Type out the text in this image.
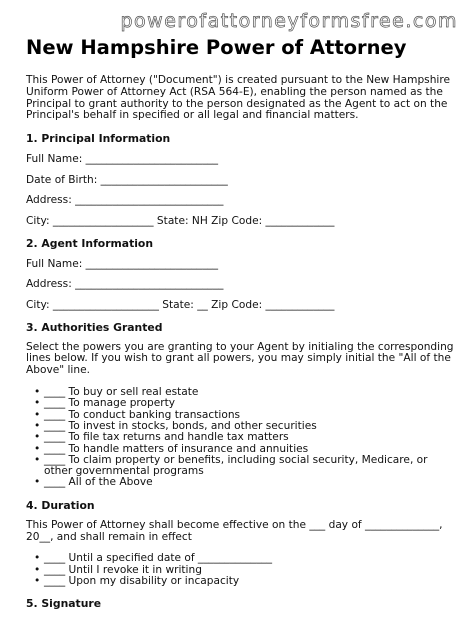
powerofattorneyformsfree.com
New Hampshire Power of Attorney

This Power of Attorney ("Document") is created pursuant to the New Hampshire Uniform Power of Attorney Act (RSA 564-E), enabling the person named as the Principal to grant authority to the person designated as the Agent to act on the Principal's behalf in specified or all legal and financial matters.

1. Principal Information
Full Name: _________________________
Date of Birth: ________________________
Address: ____________________________
City: ___________________ State: NH Zip Code: _____________
2. Agent Information
Full Name: _________________________
Address: ____________________________
City: ____________________ State: __ Zip Code: _____________
3. Authorities Granted

Select the powers you are granting to your Agent by initialing the corresponding lines below. If you wish to grant all powers, you may simply initial the "All of the Above" line.

• ____ To buy or sell real estate
• ____ To manage property
• ____ To conduct banking transactions
• ____ To invest in stocks, bonds, and other securities
• ____ To file tax returns and handle tax matters
• ____ To handle matters of insurance and annuities
• ____ To claim property or benefits, including social security, Medicare, or other governmental programs
• ____ All of the Above
4. Duration

This Power of Attorney shall become effective on the ___ day of ______________, 20__, and shall remain in effect

• ____ Until a specified date of ______________
• ____ Until I revoke it in writing
• ____ Upon my disability or incapacity
5. Signature
